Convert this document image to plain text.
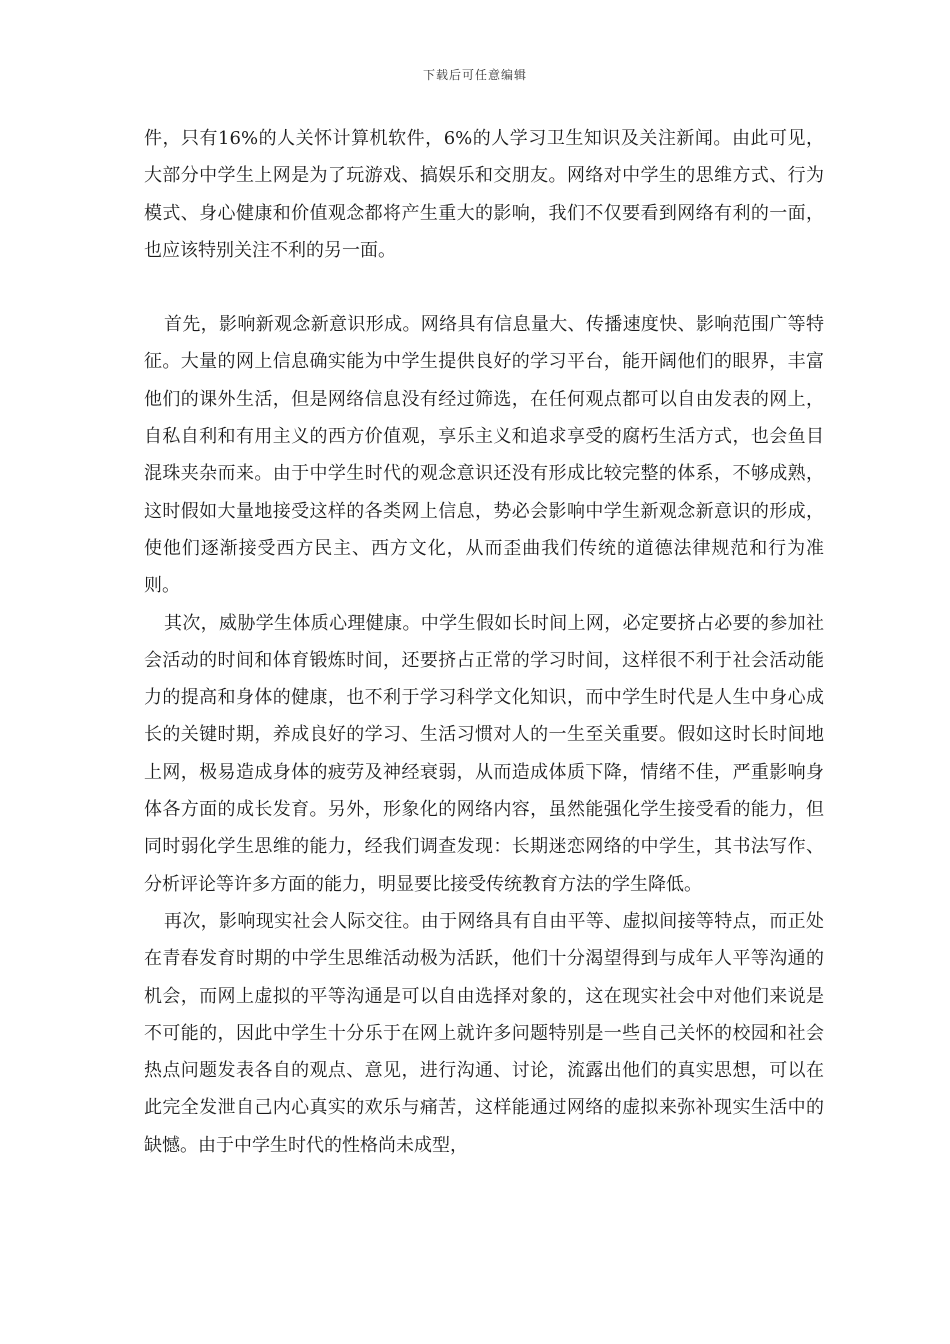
下载后可任意编辑

件，只有16%的人关怀计算机软件，6%的人学习卫生知识及关注新闻。由此可见，大部分中学生上网是为了玩游戏、搞娱乐和交朋友。网络对中学生的思维方式、行为模式、身心健康和价值观念都将产生重大的影响，我们不仅要看到网络有利的一面，也应该特别关注不利的另一面。

首先，影响新观念新意识形成。网络具有信息量大、传播速度快、影响范围广等特征。大量的网上信息确实能为中学生提供良好的学习平台，能开阔他们的眼界，丰富他们的课外生活，但是网络信息没有经过筛选，在任何观点都可以自由发表的网上，自私自利和有用主义的西方价值观，享乐主义和追求享受的腐朽生活方式，也会鱼目混珠夹杂而来。由于中学生时代的观念意识还没有形成比较完整的体系，不够成熟，这时假如大量地接受这样的各类网上信息，势必会影响中学生新观念新意识的形成，使他们逐渐接受西方民主、西方文化，从而歪曲我们传统的道德法律规范和行为准则。

其次，威胁学生体质心理健康。中学生假如长时间上网，必定要挤占必要的参加社会活动的时间和体育锻炼时间，还要挤占正常的学习时间，这样很不利于社会活动能力的提高和身体的健康，也不利于学习科学文化知识，而中学生时代是人生中身心成长的关键时期，养成良好的学习、生活习惯对人的一生至关重要。假如这时长时间地上网，极易造成身体的疲劳及神经衰弱，从而造成体质下降，情绪不佳，严重影响身体各方面的成长发育。另外，形象化的网络内容，虽然能强化学生接受看的能力，但同时弱化学生思维的能力，经我们调查发现：长期迷恋网络的中学生，其书法写作、分析评论等许多方面的能力，明显要比接受传统教育方法的学生降低。

再次，影响现实社会人际交往。由于网络具有自由平等、虚拟间接等特点，而正处在青春发育时期的中学生思维活动极为活跃，他们十分渴望得到与成年人平等沟通的机会，而网上虚拟的平等沟通是可以自由选择对象的，这在现实社会中对他们来说是不可能的，因此中学生十分乐于在网上就许多问题特别是一些自己关怀的校园和社会热点问题发表各自的观点、意见，进行沟通、讨论，流露出他们的真实思想，可以在此完全发泄自己内心真实的欢乐与痛苦，这样能通过网络的虚拟来弥补现实生活中的缺憾。由于中学生时代的性格尚未成型，
